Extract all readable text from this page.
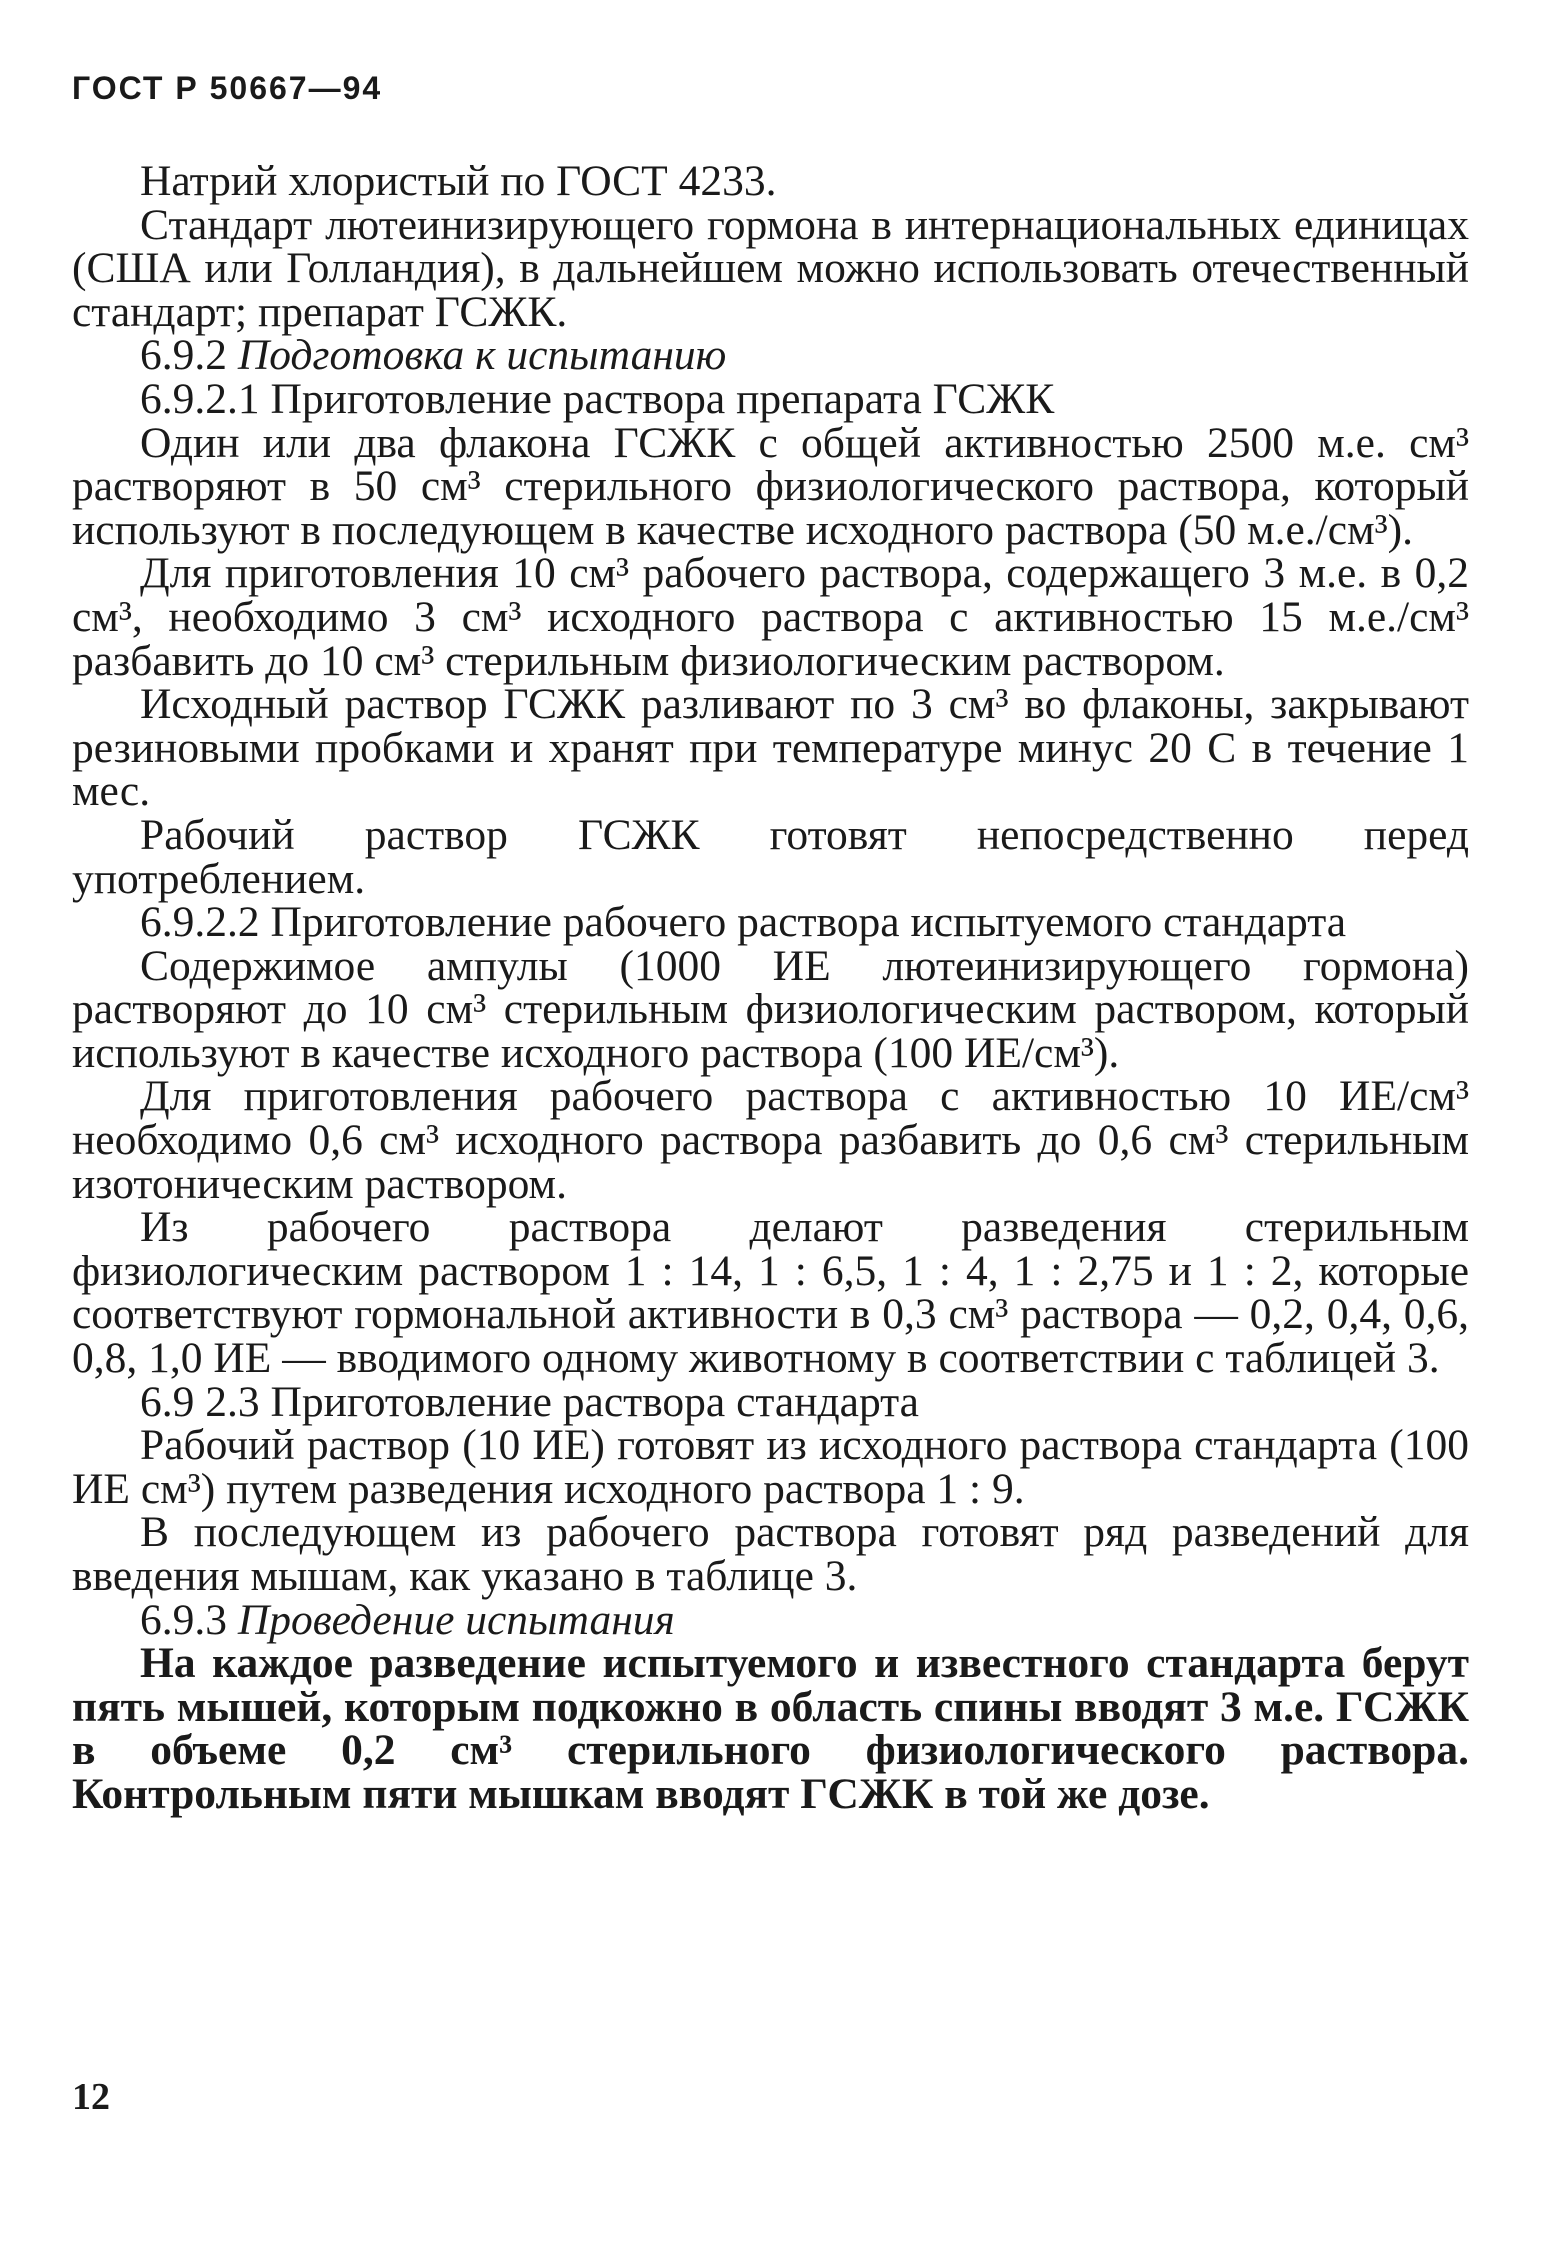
ГОСТ Р 50667—94

Натрий хлористый по ГОСТ 4233.

Стандарт лютеинизирующего гормона в интернациональных единицах (США или Голландия), в дальнейшем можно использовать отечественный стандарт; препарат ГСЖК.

6.9.2 Подготовка к испытанию

6.9.2.1 Приготовление раствора препарата ГСЖК

Один или два флакона ГСЖК с общей активностью 2500 м.е. см³ растворяют в 50 см³ стерильного физиологического раствора, который используют в последующем в качестве исходного раствора (50 м.е./см³).

Для приготовления 10 см³ рабочего раствора, содержащего 3 м.е. в 0,2 см³, необходимо 3 см³ исходного раствора с активностью 15 м.е./см³ разбавить до 10 см³ стерильным физиологическим раствором.

Исходный раствор ГСЖК разливают по 3 см³ во флаконы, закрывают резиновыми пробками и хранят при температуре минус 20 С в течение 1 мес.

Рабочий раствор ГСЖК готовят непосредственно перед употреблением.

6.9.2.2 Приготовление рабочего раствора испытуемого стандарта

Содержимое ампулы (1000 ИЕ лютеинизирующего гормона) растворяют до 10 см³ стерильным физиологическим раствором, который используют в качестве исходного раствора (100 ИЕ/см³).

Для приготовления рабочего раствора с активностью 10 ИЕ/см³ необходимо 0,6 см³ исходного раствора разбавить до 0,6 см³ стерильным изотоническим раствором.

Из рабочего раствора делают разведения стерильным физиологическим раствором 1 : 14, 1 : 6,5, 1 : 4, 1 : 2,75 и 1 : 2, которые соответствуют гормональной активности в 0,3 см³ раствора — 0,2, 0,4, 0,6, 0,8, 1,0 ИЕ — вводимого одному животному в соответствии с таблицей 3.

6.9 2.3 Приготовление раствора стандарта

Рабочий раствор (10 ИЕ) готовят из исходного раствора стандарта (100 ИЕ см³) путем разведения исходного раствора 1 : 9.

В последующем из рабочего раствора готовят ряд разведений для введения мышам, как указано в таблице 3.

6.9.3 Проведение испытания

На каждое разведение испытуемого и известного стандарта берут пять мышей, которым подкожно в область спины вводят 3 м.е. ГСЖК в объеме 0,2 см³ стерильного физиологического раствора. Контрольным пяти мышкам вводят ГСЖК в той же дозе.

12
